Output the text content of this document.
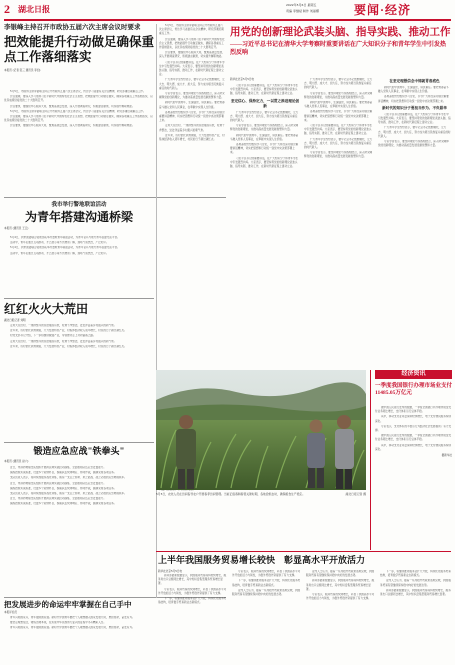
2 湖北日报	2022年5月6日 星期五
责编 李继斌 制作 刘丽娜	要闻·经济
李银峰主持召开市政协五届六次主席会议时要求
把效能提升行动做足确保重点工作落细落实
本报讯 (记者 张三 通讯员 李四)

5月5日，市政协主席李银峰主持召开市政协五届六次主席会议，传达学习省委有关会议精神，研究部署近期重点工作。

会议强调，要深入学习贯彻习近平新时代中国特色社会主义思想，把效能提升行动做足做实，确保各项重点工作落细落实，以优异成绩迎接党的二十大胜利召开。

会议要求，要围绕中心服务大局，聚焦高质量发展，深入开展调查研究，积极建言献策，切实提升履职效能。

5月5日，市政协主席李银峰主持召开市政协五届六次主席会议，传达学习省委有关会议精神，研究部署近期重点工作。

会议强调，要深入学习贯彻习近平新时代中国特色社会主义思想，把效能提升行动做足做实，确保各项重点工作落细落实，以优异成绩迎接党的二十大胜利召开。

会议要求，要围绕中心服务大局，聚焦高质量发展，深入开展调查研究，积极建言献策，切实提升履职效能。

我市举行警地联谊活动
为青年搭建沟通桥梁
本报讯 (通讯员 王五)

5月4日，我市团委联合驻地部队举办警地青年联谊活动，为青年官兵与地方青年搭建交流平台。

活动中，青年们通过互动游戏、才艺展示等方式增进了解，现场气氛热烈，广泛好评。

5月4日，我市团委联合驻地部队举办警地青年联谊活动，为青年官兵与地方青年搭建交流平台。

活动中，青年们通过互动游戏、才艺展示等方式增进了解，现场气氛热烈，广泛好评。

红红火火大荒田
湖北日报记者 刘明

走进大荒田村，一排排整齐的民居错落有致，村道干净整洁，处处洋溢着乡村振兴的新气象。

近年来，该村依托资源禀赋，大力发展特色产业，村集体经济收入逐年增长，村民的日子越过越红火。

村党支部书记介绍，下一步将继续做强产业，带领群众走上共同富裕之路。

走进大荒田村，一排排整齐的民居错落有致，村道干净整洁，处处洋溢着乡村振兴的新气象。

近年来，该村依托资源禀赋，大力发展特色产业，村集体经济收入逐年增长，村民的日子越过越红火。

锻造应急应战"铁拳头"
本报讯 (通讯员 赵六)

近日，市消防救援支队组织开展跨区域实战拉动演练，全面检验队伍应急处置能力。

演练按照实战标准，设置多个险情科目，参演队伍快速响应、协同作战，圆满完成各项任务。

支队负责人表示，将持续加强实战化训练，锻造一支召之即来、来之能战、战之必胜的应急救援铁军。

近日，市消防救援支队组织开展跨区域实战拉动演练，全面检验队伍应急处置能力。

演练按照实战标准，设置多个险情科目，参演队伍快速响应、协同作战，圆满完成各项任务。

支队负责人表示，将持续加强实战化训练，锻造一支召之即来、来之能战、战之必胜的应急救援铁军。

近日，市消防救援支队组织开展跨区域实战拉动演练，全面检验队伍应急处置能力。

演练按照实战标准，设置多个险情科目，参演队伍快速响应、协同作战，圆满完成各项任务。

把发展进步的命运牢牢掌握在自己手中
本报评论员

青年兴则国家兴，青年强则国家强。新时代中国青年要把个人理想融入国家发展大局，勇担使命，奋发有为。

要坚定理想信念，锤炼过硬本领，在实现中华民族伟大复兴的征程中书写精彩人生。

青年兴则国家兴，青年强则国家强。新时代中国青年要把个人理想融入国家发展大局，勇担使命，奋发有为。

5月5日，市政协主席李银峰主持召开市政协五届六次主席会议，传达学习省委有关会议精神，研究部署近期重点工作。

会议强调，要深入学习贯彻习近平新时代中国特色社会主义思想，把效能提升行动做足做实，确保各项重点工作落细落实，以优异成绩迎接党的二十大胜利召开。

会议要求，要围绕中心服务大局，聚焦高质量发展，深入开展调查研究，积极建言献策，切实提升履职效能。

习近平总书记的重要讲话，在广大知识分子和青年学生中引发强烈共鸣。大家表示，要坚持用党的创新理论武装头脑、指导实践、推动工作，在新时代新征程上建功立业。

广大青年学生纷纷表示，要牢记总书记殷殷嘱托，立大志、明大德、成大才、担大任，努力成为堪当民族复兴重任的时代新人。

专家学者表示，要坚持理论与实践相结合，深入研究阐释党的创新理论，为推动高质量发展贡献智慧和力量。

新时代的中国青年，生逢盛世，肩负重任。要把青春奋斗融入党和人民事业，在奉献中实现人生价值。

各地高校纷纷组织学习讨论，引导广大师生深刻领会重要讲话精神，切实把思想和行动统一到党中央决策部署上来。

走进大荒田村，一排排整齐的民居错落有致，村道干净整洁，处处洋溢着乡村振兴的新气象。

近年来，该村依托资源禀赋，大力发展特色产业，村集体经济收入逐年增长，村民的日子越过越红火。

用党的创新理论武装头脑、指导实践、推动工作
——习近平总书记在清华大学考察时重要讲话在广大知识分子和青年学生中引发热烈反响
新华社北京5月5日电

习近平总书记的重要讲话，在广大知识分子和青年学生中引发强烈共鸣。大家表示，要坚持用党的创新理论武装头脑、指导实践、推动工作，在新时代新征程上建功立业。

坚定信心、保持定力，一以贯之推进理论创新

广大青年学生纷纷表示，要牢记总书记殷殷嘱托，立大志、明大德、成大才、担大任，努力成为堪当民族复兴重任的时代新人。

专家学者表示，要坚持理论与实践相结合，深入研究阐释党的创新理论，为推动高质量发展贡献智慧和力量。

新时代的中国青年，生逢盛世，肩负重任。要把青春奋斗融入党和人民事业，在奉献中实现人生价值。

各地高校纷纷组织学习讨论，引导广大师生深刻领会重要讲话精神，切实把思想和行动统一到党中央决策部署上来。

习近平总书记的重要讲话，在广大知识分子和青年学生中引发强烈共鸣。大家表示，要坚持用党的创新理论武装头脑、指导实践、推动工作，在新时代新征程上建功立业。

广大青年学生纷纷表示，要牢记总书记殷殷嘱托，立大志、明大德、成大才、担大任，努力成为堪当民族复兴重任的时代新人。

专家学者表示，要坚持理论与实践相结合，深入研究阐释党的创新理论，为推动高质量发展贡献智慧和力量。

新时代的中国青年，生逢盛世，肩负重任。要把青春奋斗融入党和人民事业，在奉献中实现人生价值。

各地高校纷纷组织学习讨论，引导广大师生深刻领会重要讲话精神，切实把思想和行动统一到党中央决策部署上来。

习近平总书记的重要讲话，在广大知识分子和青年学生中引发强烈共鸣。大家表示，要坚持用党的创新理论武装头脑、指导实践、推动工作，在新时代新征程上建功立业。

广大青年学生纷纷表示，要牢记总书记殷殷嘱托，立大志、明大德、成大才、担大任，努力成为堪当民族复兴重任的时代新人。

专家学者表示，要坚持理论与实践相结合，深入研究阐释党的创新理论，为推动高质量发展贡献智慧和力量。

在坚定理想信念中铸就青春底色

新时代的中国青年，生逢盛世，肩负重任。要把青春奋斗融入党和人民事业，在奉献中实现人生价值。

各地高校纷纷组织学习讨论，引导广大师生深刻领会重要讲话精神，切实把思想和行动统一到党中央决策部署上来。

新时代的知识分子要担当作为、不负韶华

习近平总书记的重要讲话，在广大知识分子和青年学生中引发强烈共鸣。大家表示，要坚持用党的创新理论武装头脑、指导实践、推动工作，在新时代新征程上建功立业。

广大青年学生纷纷表示，要牢记总书记殷殷嘱托，立大志、明大德、成大才、担大任，努力成为堪当民族复兴重任的时代新人。

专家学者表示，要坚持理论与实践相结合，深入研究阐释党的创新理论，为推动高质量发展贡献智慧和力量。

5月5日，农技人员在田间指导农户开展春季田间管理。当前正值春耕春管关键时期，各地抢抓农时，确保粮食生产稳定。	湖北日报记者 摄
经济资讯
一季度我国银行办理市场业支付11485.05万亿元

据中国人民银行发布的数据，一季度全国银行共办理非现金支付业务同比增长，支付体系运行总体平稳。

其中，移动支付业务量保持较快增长，电子支付便民服务持续深化。

专家表示，支付体系的平稳运行为经济社会发展提供了有力支撑。

据中国人民银行发布的数据，一季度全国银行共办理非现金支付业务同比增长，支付体系运行总体平稳。

其中，移动支付业务量保持较快增长，电子支付便民服务持续深化。

据新华社
上半年我国服务贸易增长较快　彰显高水平开放活力
新华社北京5月5日电

商务部最新数据显示，我国服务贸易保持较快增长，服务进出口总额同比增长，其中知识密集型服务贸易增长显著。

专家表示，服务贸易的快速增长，彰显了我国高水平对外开放的活力与韧性，为稳外贸稳外资提供了有力支撑。

下一步，将继续推进服务业扩大开放，持续优化服务贸易结构，培育数字贸易新业态新模式。

专家表示，服务贸易的快速增长，彰显了我国高水平对外开放的活力与韧性，为稳外贸稳外资提供了有力支撑。

下一步，将继续推进服务业扩大开放，持续优化服务贸易结构，培育数字贸易新业态新模式。

业内人士认为，随着一系列稳外贸政策落地见效，我国服务贸易有望继续保持稳中向好的发展态势。

业内人士认为，随着一系列稳外贸政策落地见效，我国服务贸易有望继续保持稳中向好的发展态势。

商务部最新数据显示，我国服务贸易保持较快增长，服务进出口总额同比增长，其中知识密集型服务贸易增长显著。

专家表示，服务贸易的快速增长，彰显了我国高水平对外开放的活力与韧性，为稳外贸稳外资提供了有力支撑。

下一步，将继续推进服务业扩大开放，持续优化服务贸易结构，培育数字贸易新业态新模式。

业内人士认为，随着一系列稳外贸政策落地见效，我国服务贸易有望继续保持稳中向好的发展态势。

商务部最新数据显示，我国服务贸易保持较快增长，服务进出口总额同比增长，其中知识密集型服务贸易增长显著。
